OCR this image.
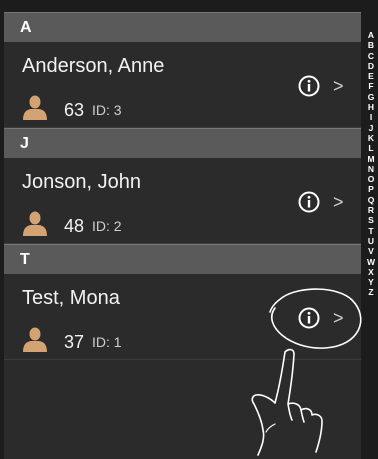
A
Anderson, Anne
63 ID: 3
>
J
Jonson, John
48 ID: 2
>
T
Test, Mona
37 ID: 1
>
A
B
C
D
E
F
G
H
I
J
K
L
M
N
O
P
Q
R
S
T
U
V
W
X
Y
Z
